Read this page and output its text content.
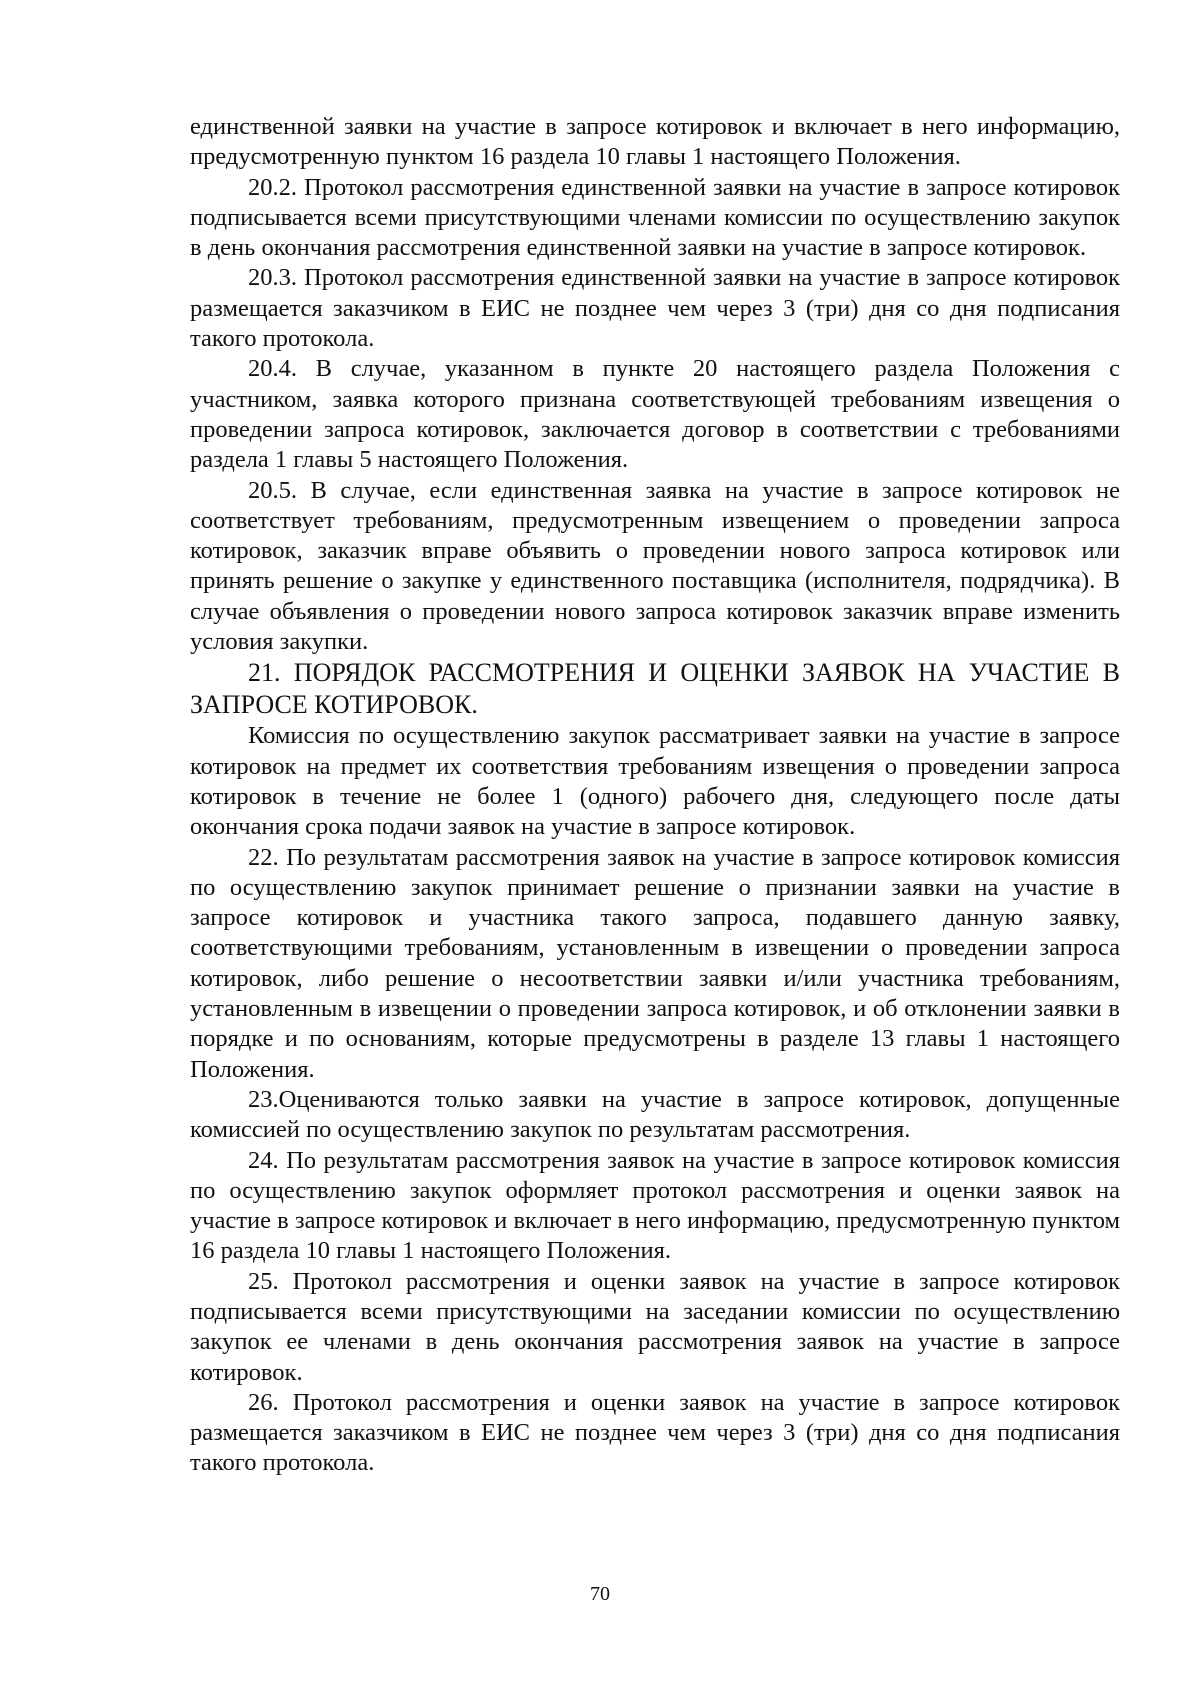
единственной заявки на участие в запросе котировок и включает в него информацию, предусмотренную пунктом 16 раздела 10 главы 1 настоящего Положения.

20.2. Протокол рассмотрения единственной заявки на участие в запросе котировок подписывается всеми присутствующими членами комиссии по осуществлению закупок в день окончания рассмотрения единственной заявки на участие в запросе котировок.

20.3. Протокол рассмотрения единственной заявки на участие в запросе котировок размещается заказчиком в ЕИС не позднее чем через 3 (три) дня со дня подписания такого протокола.

20.4. В случае, указанном в пункте 20 настоящего раздела Положения с участником, заявка которого признана соответствующей требованиям извещения о проведении запроса котировок, заключается договор в соответствии с требованиями раздела 1 главы 5 настоящего Положения.

20.5. В случае, если единственная заявка на участие в запросе котировок не соответствует требованиям, предусмотренным извещением о проведении запроса котировок, заказчик вправе объявить о проведении нового запроса котировок или принять решение о закупке у единственного поставщика (исполнителя, подрядчика). В случае объявления о проведении нового запроса котировок заказчик вправе изменить условия закупки.

21. ПОРЯДОК РАССМОТРЕНИЯ И ОЦЕНКИ ЗАЯВОК НА УЧАСТИЕ В ЗАПРОСЕ КОТИРОВОК.

Комиссия по осуществлению закупок рассматривает заявки на участие в запросе котировок на предмет их соответствия требованиям извещения о проведении запроса котировок в течение не более 1 (одного) рабочего дня, следующего после даты окончания срока подачи заявок на участие в запросе котировок.

22. По результатам рассмотрения заявок на участие в запросе котировок комиссия по осуществлению закупок принимает решение о признании заявки на участие в запросе котировок и участника такого запроса, подавшего данную заявку, соответствующими требованиям, установленным в извещении о проведении запроса котировок, либо решение о несоответствии заявки и/или участника требованиям, установленным в извещении о проведении запроса котировок, и об отклонении заявки в порядке и по основаниям, которые предусмотрены в разделе 13 главы 1 настоящего Положения.

23.Оцениваются только заявки на участие в запросе котировок, допущенные комиссией по осуществлению закупок по результатам рассмотрения.

24. По результатам рассмотрения заявок на участие в запросе котировок комиссия по осуществлению закупок оформляет протокол рассмотрения и оценки заявок на участие в запросе котировок и включает в него информацию, предусмотренную пунктом 16 раздела 10 главы 1 настоящего Положения.

25. Протокол рассмотрения и оценки заявок на участие в запросе котировок подписывается всеми присутствующими на заседании комиссии по осуществлению закупок ее членами в день окончания рассмотрения заявок на участие в запросе котировок.

26. Протокол рассмотрения и оценки заявок на участие в запросе котировок размещается заказчиком в ЕИС не позднее чем через 3 (три) дня со дня подписания такого протокола.

70
